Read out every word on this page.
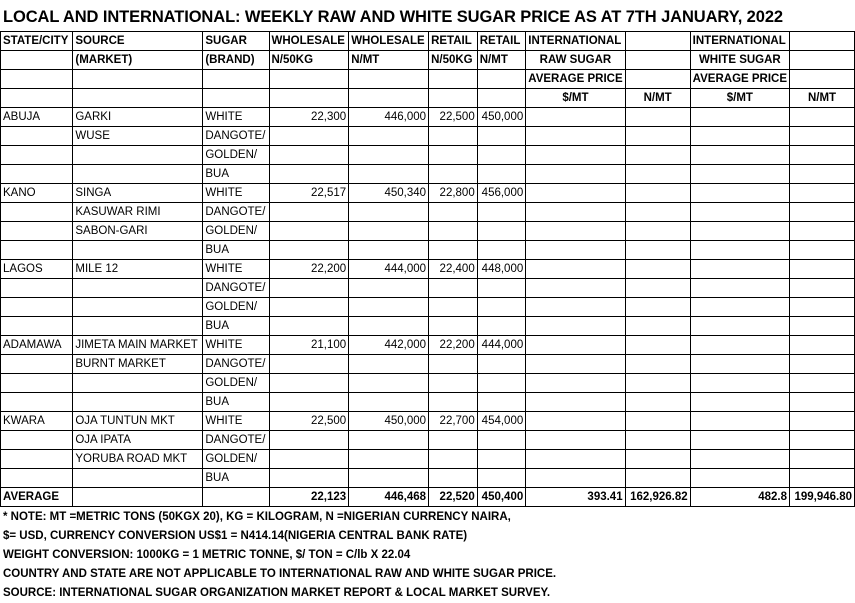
LOCAL AND INTERNATIONAL: WEEKLY RAW AND WHITE SUGAR PRICE AS AT 7TH JANUARY, 2022
STATE/CITY	SOURCE	SUGAR	WHOLESALE	WHOLESALE	RETAIL	RETAIL	INTERNATIONAL		INTERNATIONAL	
	(MARKET)	(BRAND)	N/50KG	N/MT	N/50KG	N/MT	RAW SUGAR		WHITE SUGAR	
							AVERAGE PRICE		AVERAGE PRICE	
							$/MT	N/MT	$/MT	N/MT
ABUJA	GARKI	WHITE	22,300	446,000	22,500	450,000				
	WUSE	DANGOTE/								
		GOLDEN/								
		BUA								
KANO	SINGA	WHITE	22,517	450,340	22,800	456,000				
	KASUWAR RIMI	DANGOTE/								
	SABON-GARI	GOLDEN/								
		BUA								
LAGOS	MILE 12	WHITE	22,200	444,000	22,400	448,000				
		DANGOTE/								
		GOLDEN/								
		BUA								
ADAMAWA	JIMETA MAIN MARKET	WHITE	21,100	442,000	22,200	444,000				
	BURNT MARKET	DANGOTE/								
		GOLDEN/								
		BUA								
KWARA	OJA TUNTUN MKT	WHITE	22,500	450,000	22,700	454,000				
	OJA IPATA	DANGOTE/								
	YORUBA ROAD MKT	GOLDEN/								
		BUA								
AVERAGE			22,123	446,468	22,520	450,400	393.41	162,926.82	482.8	199,946.80
* NOTE: MT =METRIC TONS (50KGX 20), KG = KILOGRAM, N =NIGERIAN CURRENCY NAIRA,
$= USD, CURRENCY CONVERSION US$1 = N414.14(NIGERIA CENTRAL BANK RATE)
WEIGHT CONVERSION: 1000KG = 1 METRIC TONNE, $/ TON = C/lb X 22.04
COUNTRY AND STATE ARE NOT APPLICABLE TO INTERNATIONAL RAW AND WHITE SUGAR PRICE.
SOURCE: INTERNATIONAL SUGAR ORGANIZATION MARKET REPORT & LOCAL MARKET SURVEY.
